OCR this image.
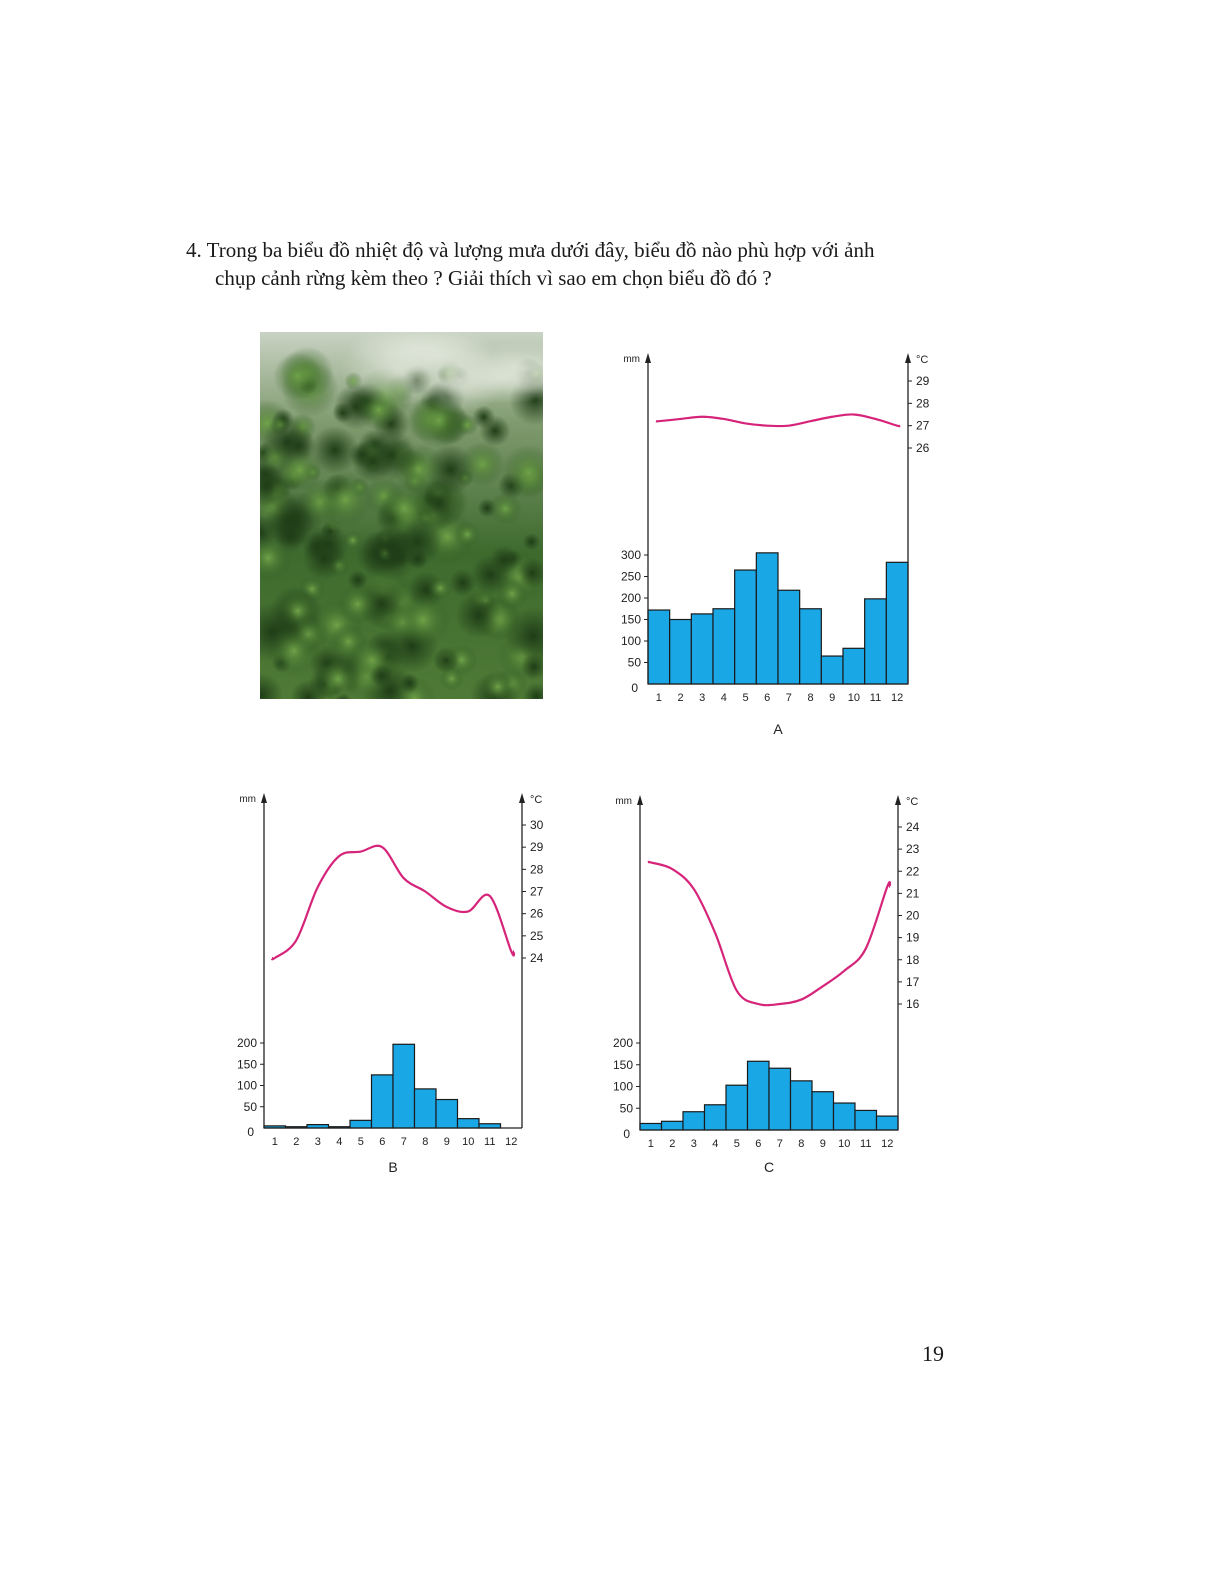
4. Trong ba biểu đồ nhiệt độ và lượng mưa dưới đây, biểu đồ nào phù hợp với ảnh
chụp cảnh rừng kèm theo ? Giải thích vì sao em chọn biểu đồ đó ?
mm	°C
0
50
100
150
200
250
300
26
27
28
29
1 2 3 4 5 6 7 8 9 10 11 12
A
mm	°C
0
50
100
150
200
24
25
26
27
28
29
30
1 2 3 4 5 6 7 8 9 10 11 12
B
mm	°C
0
50
100
150
200
16
17
18
19
20
21
22
23
24
1 2 3 4 5 6 7 8 9 10 11 12
C
19
